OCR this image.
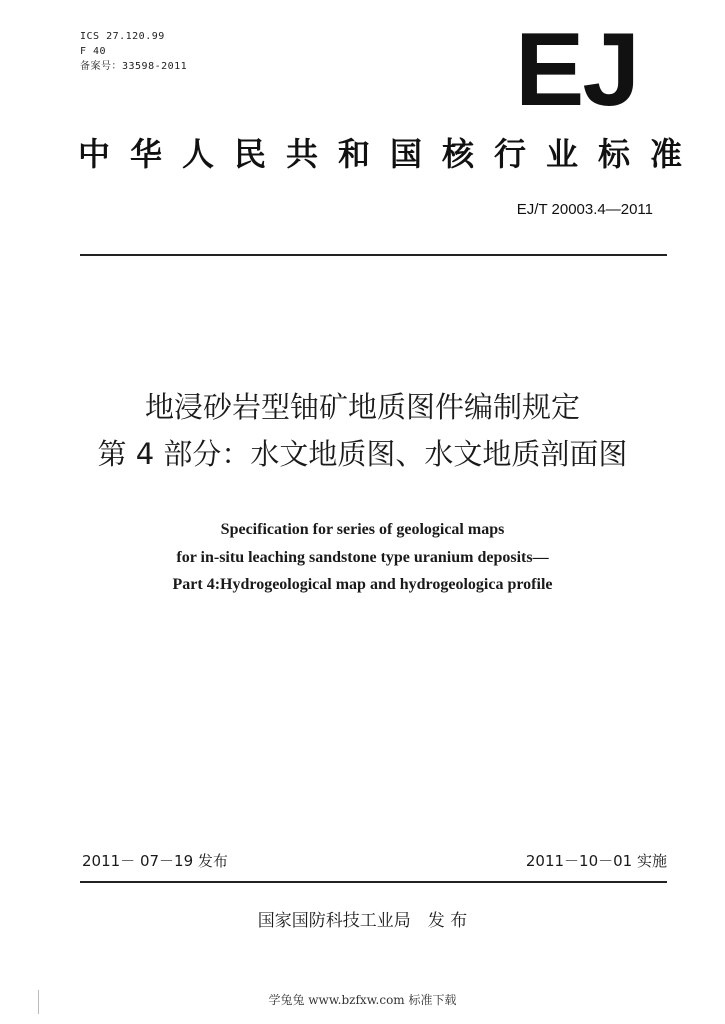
ICS 27.120.99
F 40
备案号：33598-2011	EJ
中华人民共和国核行业标准
EJ/T 20003.4—2011
地浸砂岩型铀矿地质图件编制规定
第 4 部分：水文地质图、水文地质剖面图
Specification for series of geological maps
for in-situ leaching sandstone type uranium deposits—
Part 4:Hydrogeological map and hydrogeologica profile
2011－ 07－19 发布	2011－10－01 实施
国家国防科技工业局　发 布
学兔兔 www.bzfxw.com 标准下载
